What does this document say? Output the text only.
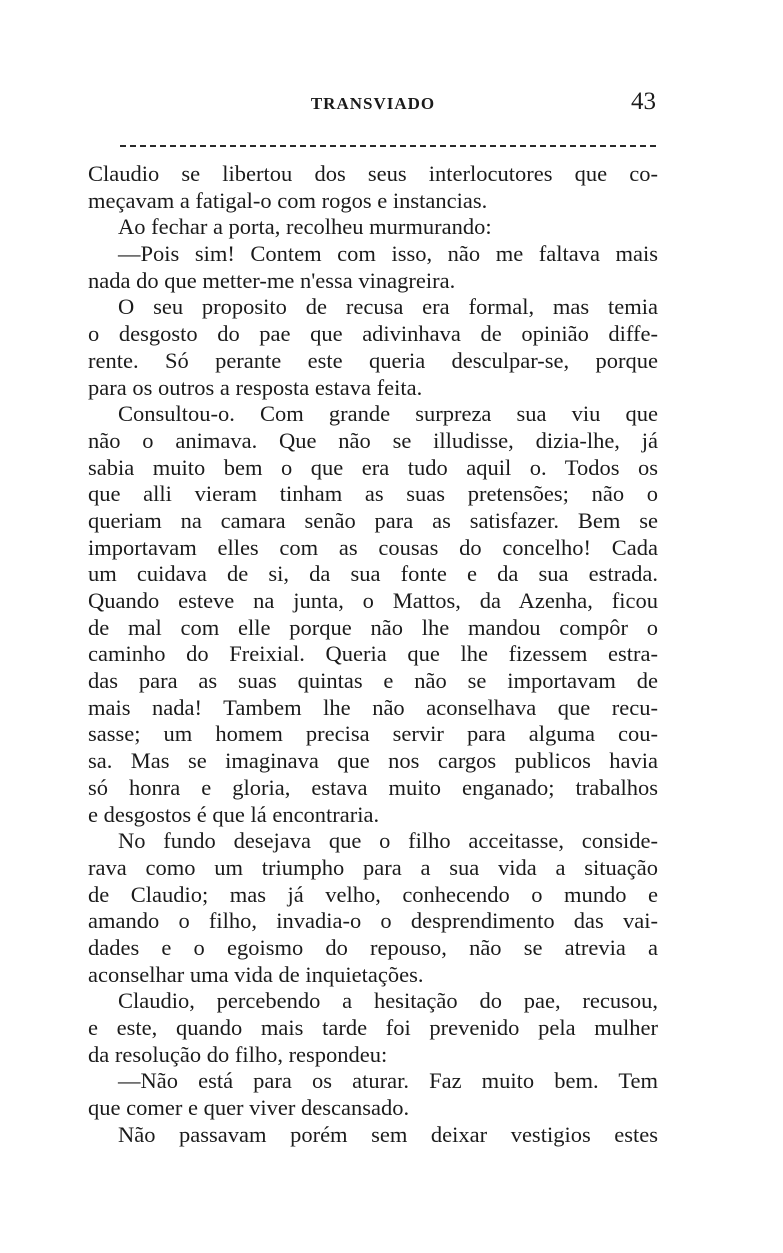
TRANSVIADO	43
Claudio se libertou dos seus interlocutores que co-
meçavam a fatigal-o com rogos e instancias.
Ao fechar a porta, recolheu murmurando:
—Pois sim! Contem com isso, não me faltava mais
nada do que metter-me n'essa vinagreira.
O seu proposito de recusa era formal, mas temia
o desgosto do pae que adivinhava de opinião diffe-
rente. Só perante este queria desculpar-se, porque
para os outros a resposta estava feita.
Consultou-o. Com grande surpreza sua viu que
não o animava. Que não se illudisse, dizia-lhe, já
sabia muito bem o que era tudo aquil o. Todos os
que alli vieram tinham as suas pretensões; não o
queriam na camara senão para as satisfazer. Bem se
importavam elles com as cousas do concelho! Cada
um cuidava de si, da sua fonte e da sua estrada.
Quando esteve na junta, o Mattos, da Azenha, ficou
de mal com elle porque não lhe mandou compôr o
caminho do Freixial. Queria que lhe fizessem estra-
das para as suas quintas e não se importavam de
mais nada! Tambem lhe não aconselhava que recu-
sasse; um homem precisa servir para alguma cou-
sa. Mas se imaginava que nos cargos publicos havia
só honra e gloria, estava muito enganado; trabalhos
e desgostos é que lá encontraria.
No fundo desejava que o filho acceitasse, conside-
rava como um triumpho para a sua vida a situação
de Claudio; mas já velho, conhecendo o mundo e
amando o filho, invadia-o o desprendimento das vai-
dades e o egoismo do repouso, não se atrevia a
aconselhar uma vida de inquietações.
Claudio, percebendo a hesitação do pae, recusou,
e este, quando mais tarde foi prevenido pela mulher
da resolução do filho, respondeu:
—Não está para os aturar. Faz muito bem. Tem
que comer e quer viver descansado.
Não passavam porém sem deixar vestigios estes
